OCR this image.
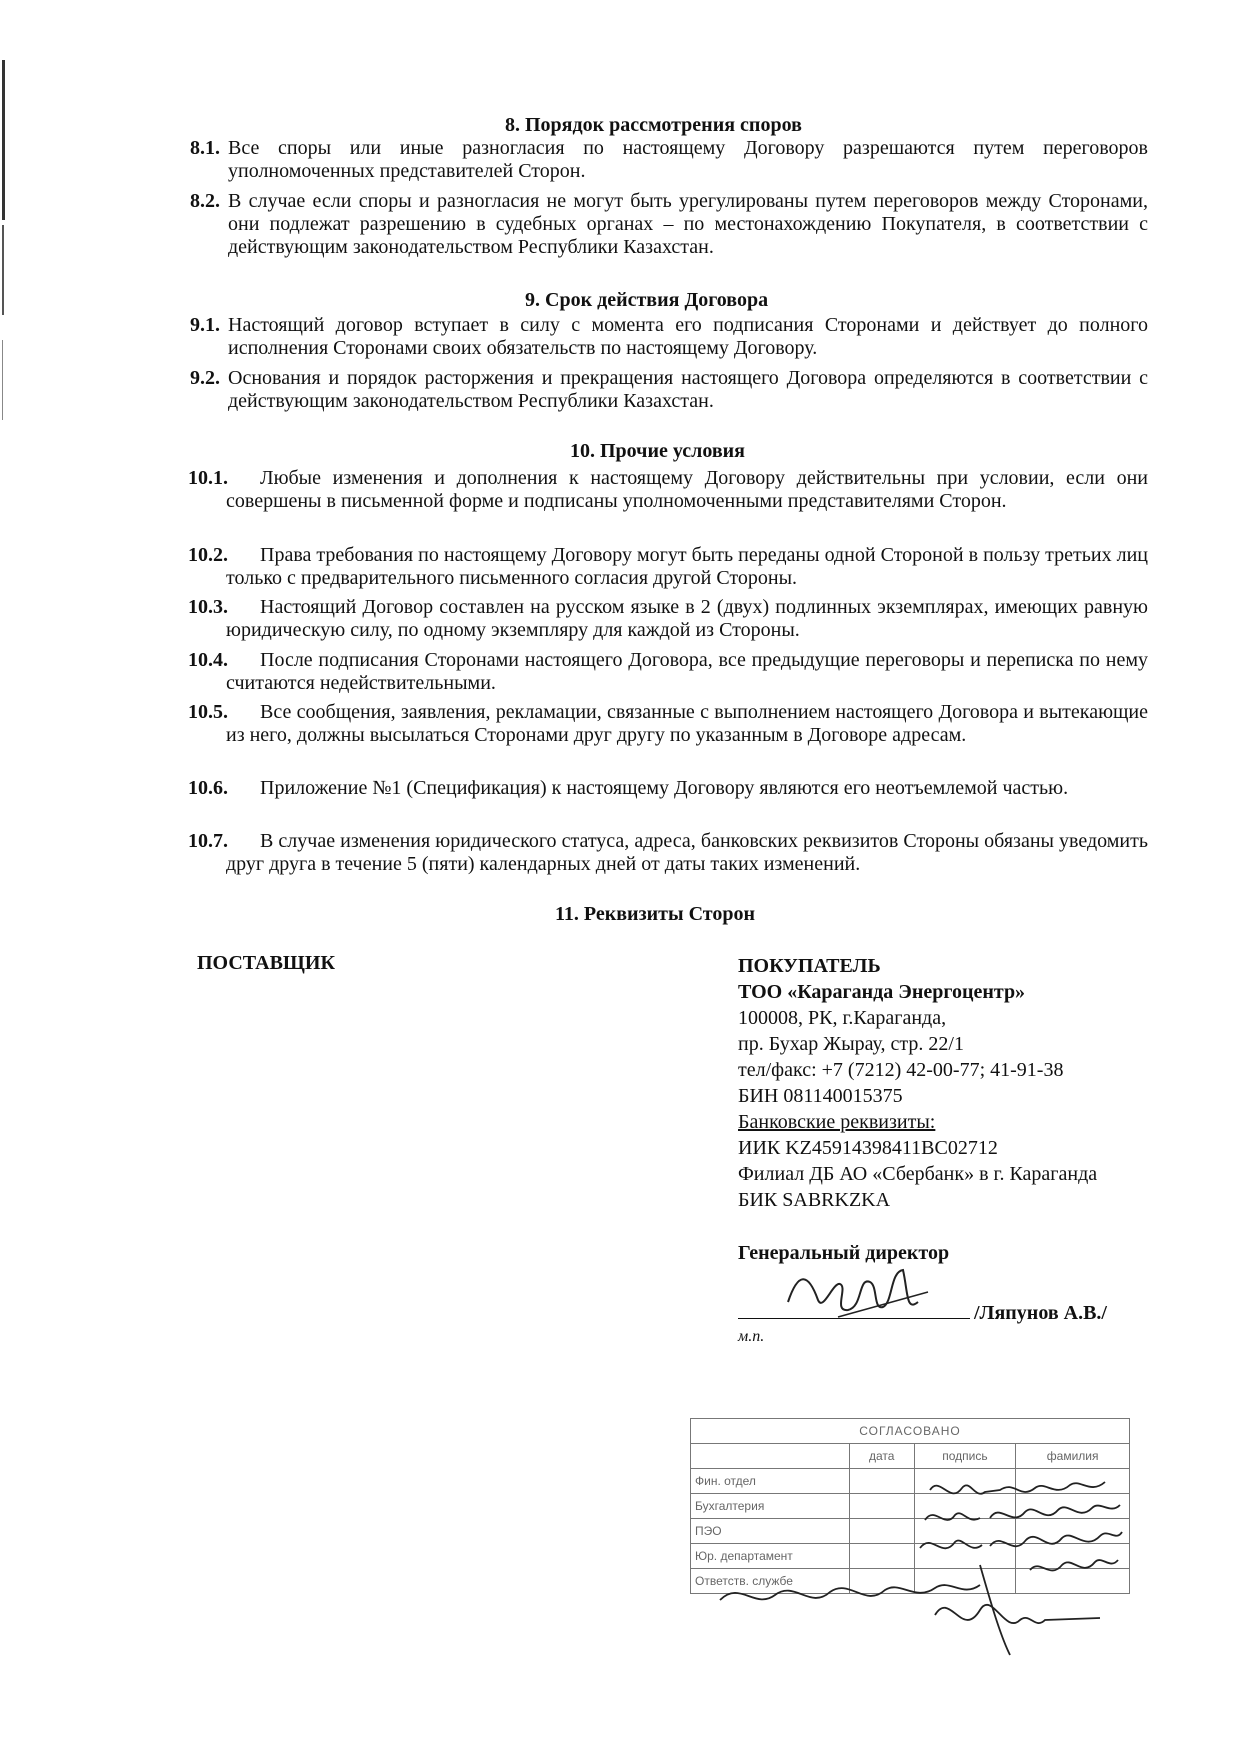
8. Порядок рассмотрения споров
8.1. Все споры или иные разногласия по настоящему Договору разрешаются путем переговоров уполномоченных представителей Сторон.
8.2. В случае если споры и разногласия не могут быть урегулированы путем переговоров между Сторонами, они подлежат разрешению в судебных органах – по местонахождению Покупателя, в соответствии с действующим законодательством Республики Казахстан.
9. Срок действия Договора
9.1. Настоящий договор вступает в силу с момента его подписания Сторонами и действует до полного исполнения Сторонами своих обязательств по настоящему Договору.
9.2. Основания и порядок расторжения и прекращения настоящего Договора определяются в соответствии с действующим законодательством Республики Казахстан.
10. Прочие условия
10.1.	Любые изменения и дополнения к настоящему Договору действительны при условии, если они совершены в письменной форме и подписаны уполномоченными представителями Сторон.
10.2.	Права требования по настоящему Договору могут быть переданы одной Стороной в пользу третьих лиц только с предварительного письменного согласия другой Стороны.
10.3.	Настоящий Договор составлен на русском языке в 2 (двух) подлинных экземплярах, имеющих равную юридическую силу, по одному экземпляру для каждой из Стороны.
10.4.	После подписания Сторонами настоящего Договора, все предыдущие переговоры и переписка по нему считаются недействительными.
10.5.	Все сообщения, заявления, рекламации, связанные с выполнением настоящего Договора и вытекающие из него, должны высылаться Сторонами друг другу по указанным в Договоре адресам.
10.6.	Приложение №1 (Спецификация) к настоящему Договору являются его неотъемлемой частью.
10.7.	В случае изменения юридического статуса, адреса, банковских реквизитов Стороны обязаны уведомить друг друга в течение 5 (пяти) календарных дней от даты таких изменений.
11. Реквизиты Сторон
ПОСТАВЩИК	ПОКУПАТЕЛЬ
ТОО «Караганда Энергоцентр»
100008, РК, г.Караганда,
пр. Бухар Жырау, стр. 22/1
тел/факс: +7 (7212) 42-00-77; 41-91-38
БИН 081140015375
Банковские реквизиты:
ИИК KZ45914398411BC02712
Филиал ДБ АО «Сбербанк» в г. Караганда
БИК SABRKZKA
Генеральный директор
/Ляпунов А.В./
м.п.
СОГЛАСОВАНО			
	дата	подпись	фамилия
Фин. отдел			
Бухгалтерия			
ПЭО			
Юр. департамент			
Ответств. службе			
